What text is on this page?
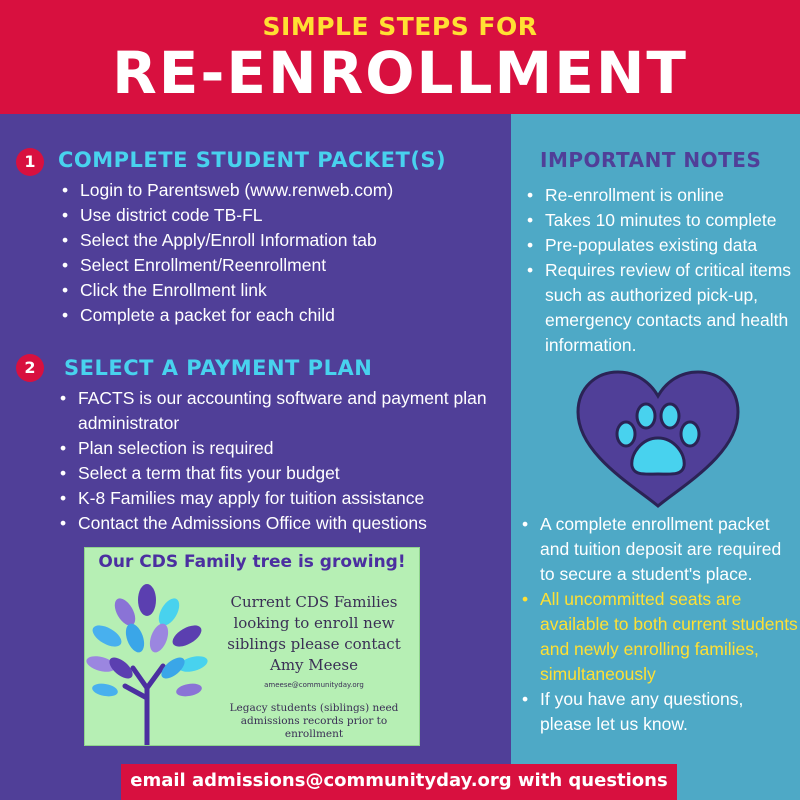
SIMPLE STEPS FOR
RE-ENROLLMENT
1	COMPLETE STUDENT PACKET(S)
• Login to Parentsweb (www.renweb.com)
• Use district code TB-FL
• Select the Apply/Enroll Information tab
• Select Enrollment/Reenrollment
• Click the Enrollment link
• Complete a packet for each child
2	SELECT A PAYMENT PLAN
• FACTS is our accounting software and payment plan administrator
• Plan selection is required
• Select a term that fits your budget
• K-8 Families may apply for tuition assistance
• Contact the Admissions Office with questions
Our CDS Family tree is growing!
Current CDS Families looking to enroll new siblings please contact Amy Meese
ameese@communityday.org
Legacy students (siblings) need admissions records prior to enrollment
IMPORTANT NOTES
• Re-enrollment is online
• Takes 10 minutes to complete
• Pre-populates existing data
• Requires review of critical items such as authorized pick-up, emergency contacts and health information.
• A complete enrollment packet and tuition deposit are required to secure a student's place.
• All uncommitted seats are available to both current students and newly enrolling families, simultaneously
• If you have any questions, please let us know.
email admissions@communityday.org with questions
